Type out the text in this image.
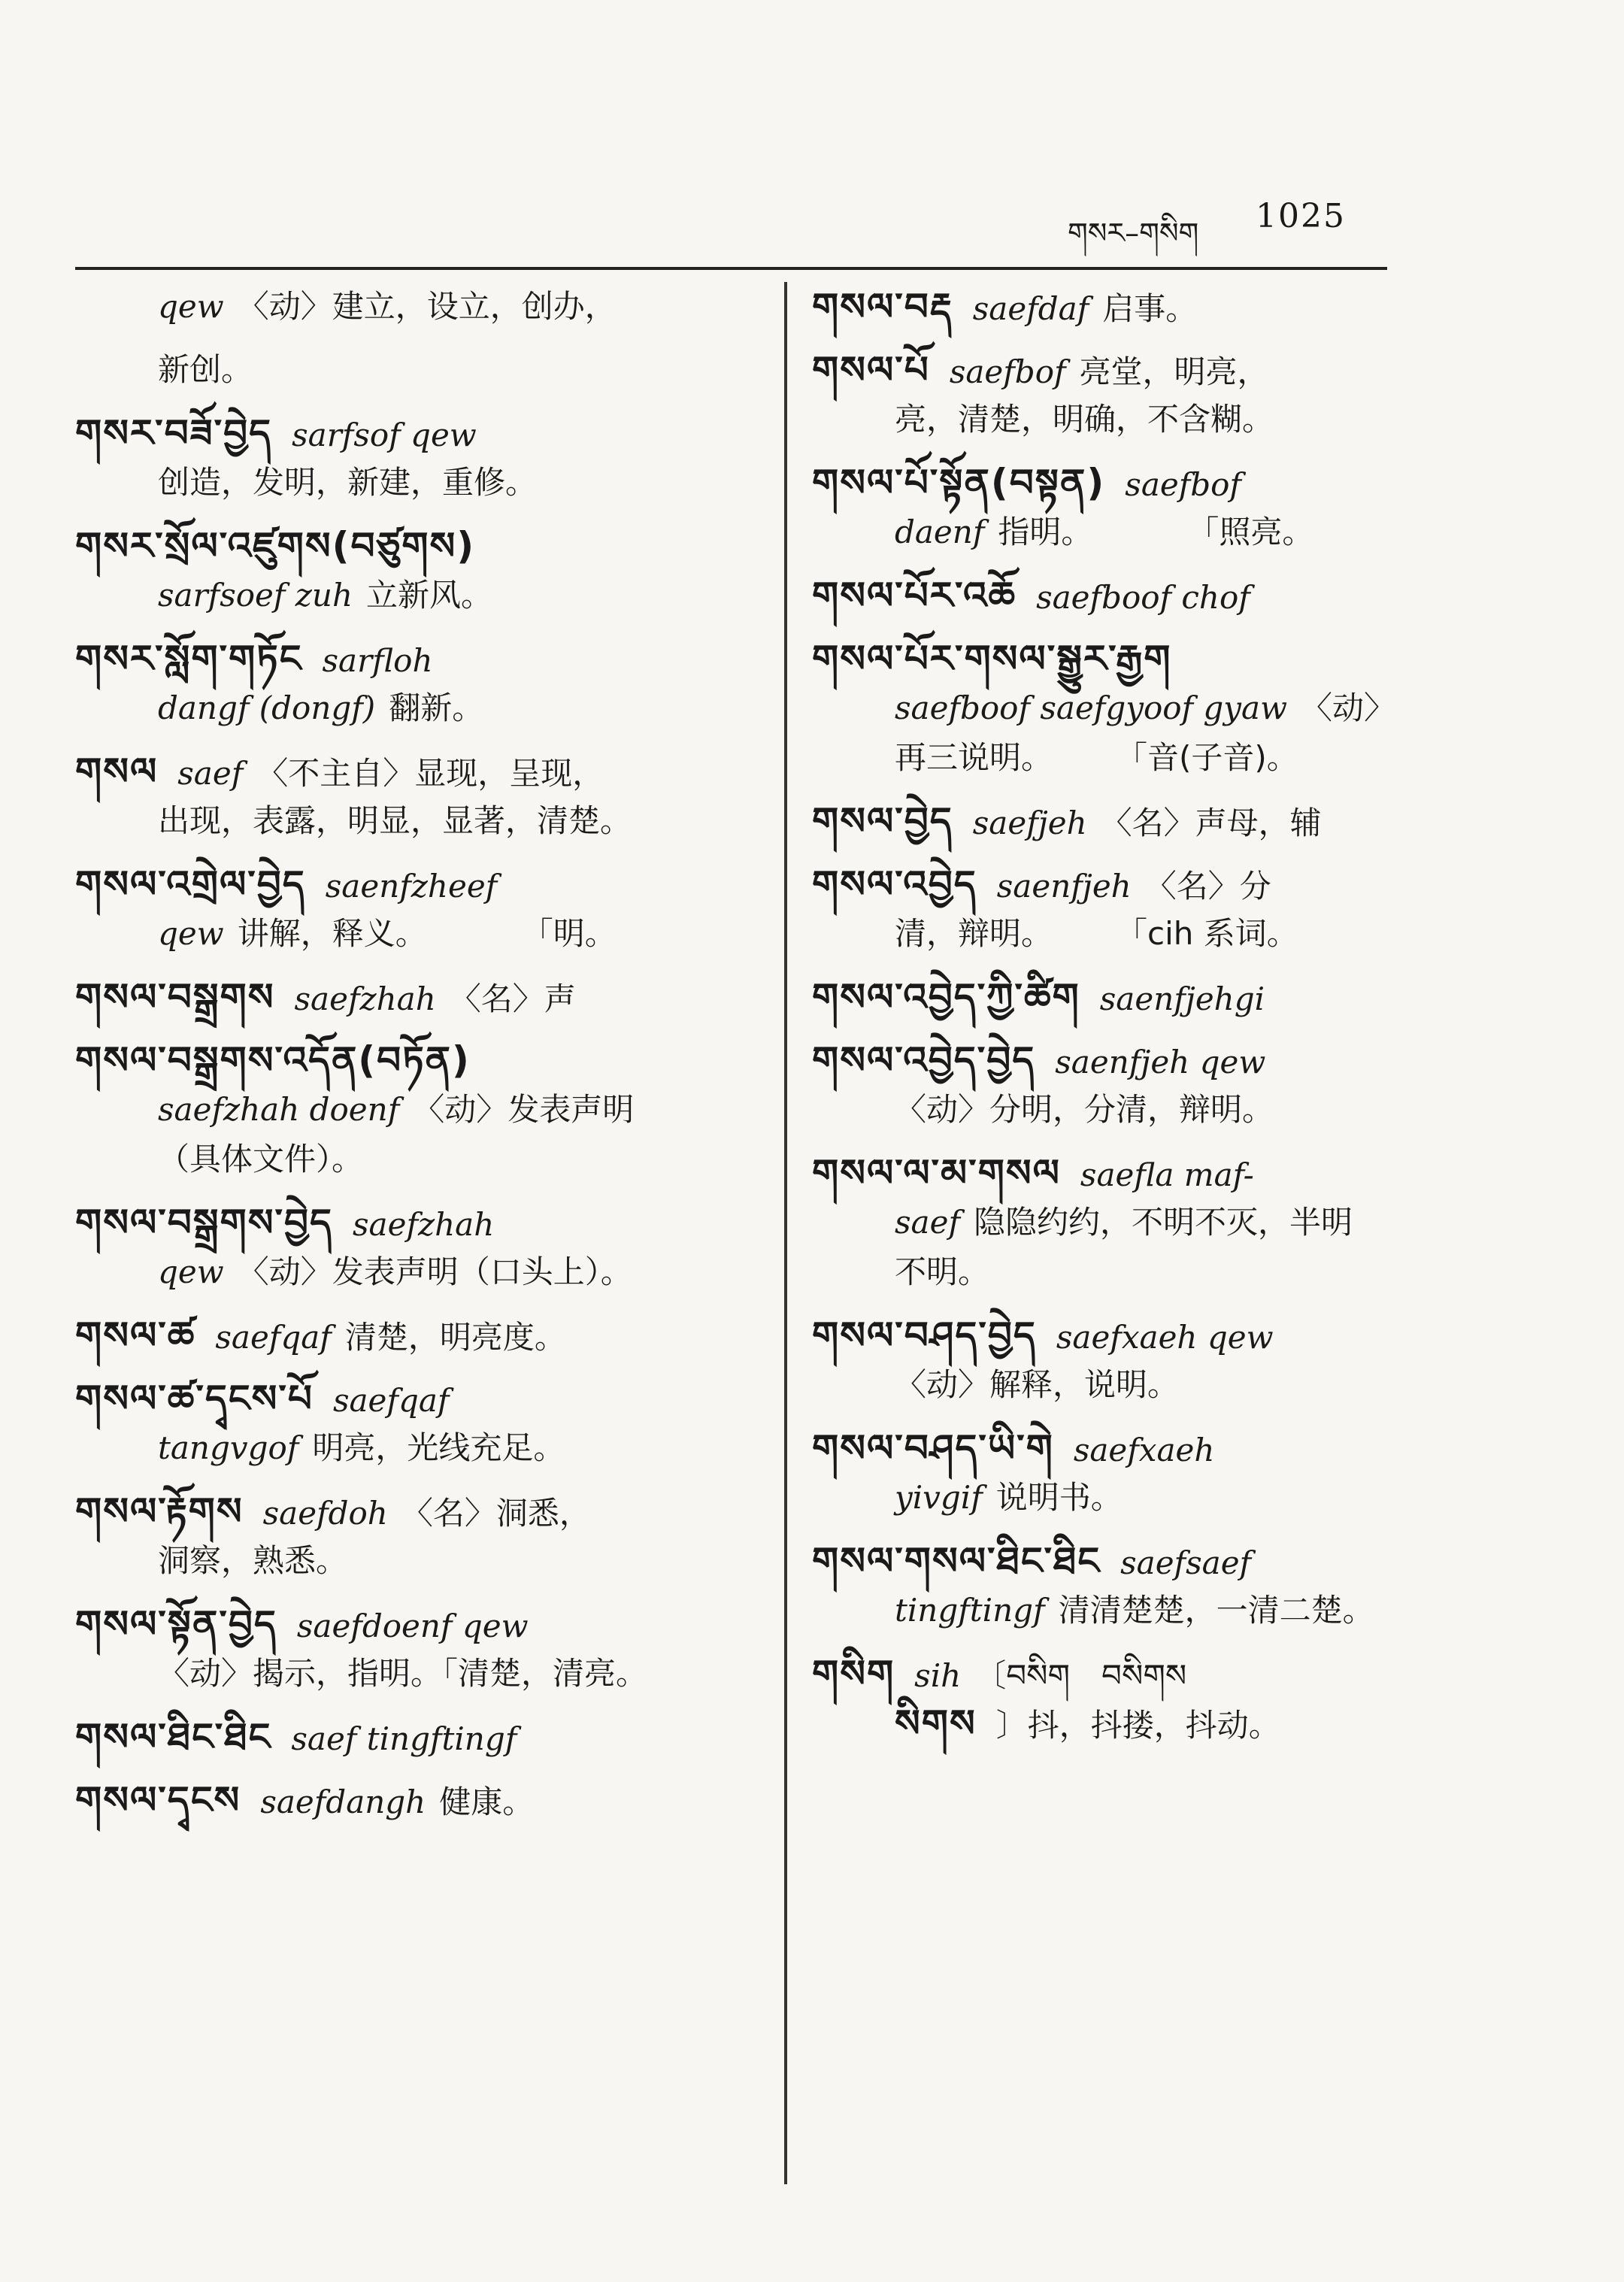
གསར–གསིག 1025
qew 〈动〉建立，设立，创办，
新创。
གསར་བཟོ་བྱེད sarfsof qew
创造，发明，新建，重修。
གསར་སྲོལ་འཛུགས(བཙུགས)
sarfsoef zuh 立新风。
གསར་སློག་གཏོང sarfloh
dangf (dongf) 翻新。
གསལ saef 〈不主自〉显现，呈现，
出现，表露，明显，显著，清楚。
གསལ་འགྲེལ་བྱེད saenfzheef
qew 讲解，释义。　　　　「明。
གསལ་བསྒྲགས saefzhah 〈名〉声
གསལ་བསྒྲགས་འདོན(བཏོན)
saefzhah doenf 〈动〉发表声明
（具体文件）。
གསལ་བསྒྲགས་བྱེད saefzhah
qew 〈动〉发表声明（口头上）。
གསལ་ཚ saefqaf 清楚，明亮度。
གསལ་ཚ་དྭངས་པོ saefqaf
tangvgof 明亮，光线充足。
གསལ་རྟོགས saefdoh 〈名〉洞悉，
洞察，熟悉。
གསལ་སྟོན་བྱེད saefdoenf qew
〈动〉揭示，指明。「清楚，清亮。
གསལ་ཐིང་ཐིང saef tingftingf
གསལ་དྭངས saefdangh 健康。
གསལ་བརྡ saefdaf 启事。
གསལ་པོ saefbof 亮堂，明亮，
亮，清楚，明确，不含糊。
གསལ་པོ་སྟོན(བསྟན) saefbof
daenf 指明。　　　　「照亮。
གསལ་པོར་འཆོ saefboof chof
གསལ་པོར་གསལ་སྒྱུར་རྒྱག
saefboof saefgyoof gyaw 〈动〉
再三说明。　　　「音(子音)。
གསལ་བྱེད saefjeh 〈名〉声母，辅
གསལ་འབྱེད saenfjeh 〈名〉分
清，辩明。　　　「cih 系词。
གསལ་འབྱེད་ཀྱི་ཚིག saenfjehgi
གསལ་འབྱེད་བྱེད saenfjeh qew
〈动〉分明，分清，辩明。
གསལ་ལ་མ་གསལ saefla maf-
saef 隐隐约约，不明不灭，半明
不明。
གསལ་བཤད་བྱེད saefxaeh qew
〈动〉解释，说明。
གསལ་བཤད་ཡི་གེ saefxaeh
yivgif 说明书。
གསལ་གསལ་ཐིང་ཐིང saefsaef
tingftingf 清清楚楚，一清二楚。
གསིག sih 〔བསིག　བསིགས
སིགས 〕抖，抖搂，抖动。
